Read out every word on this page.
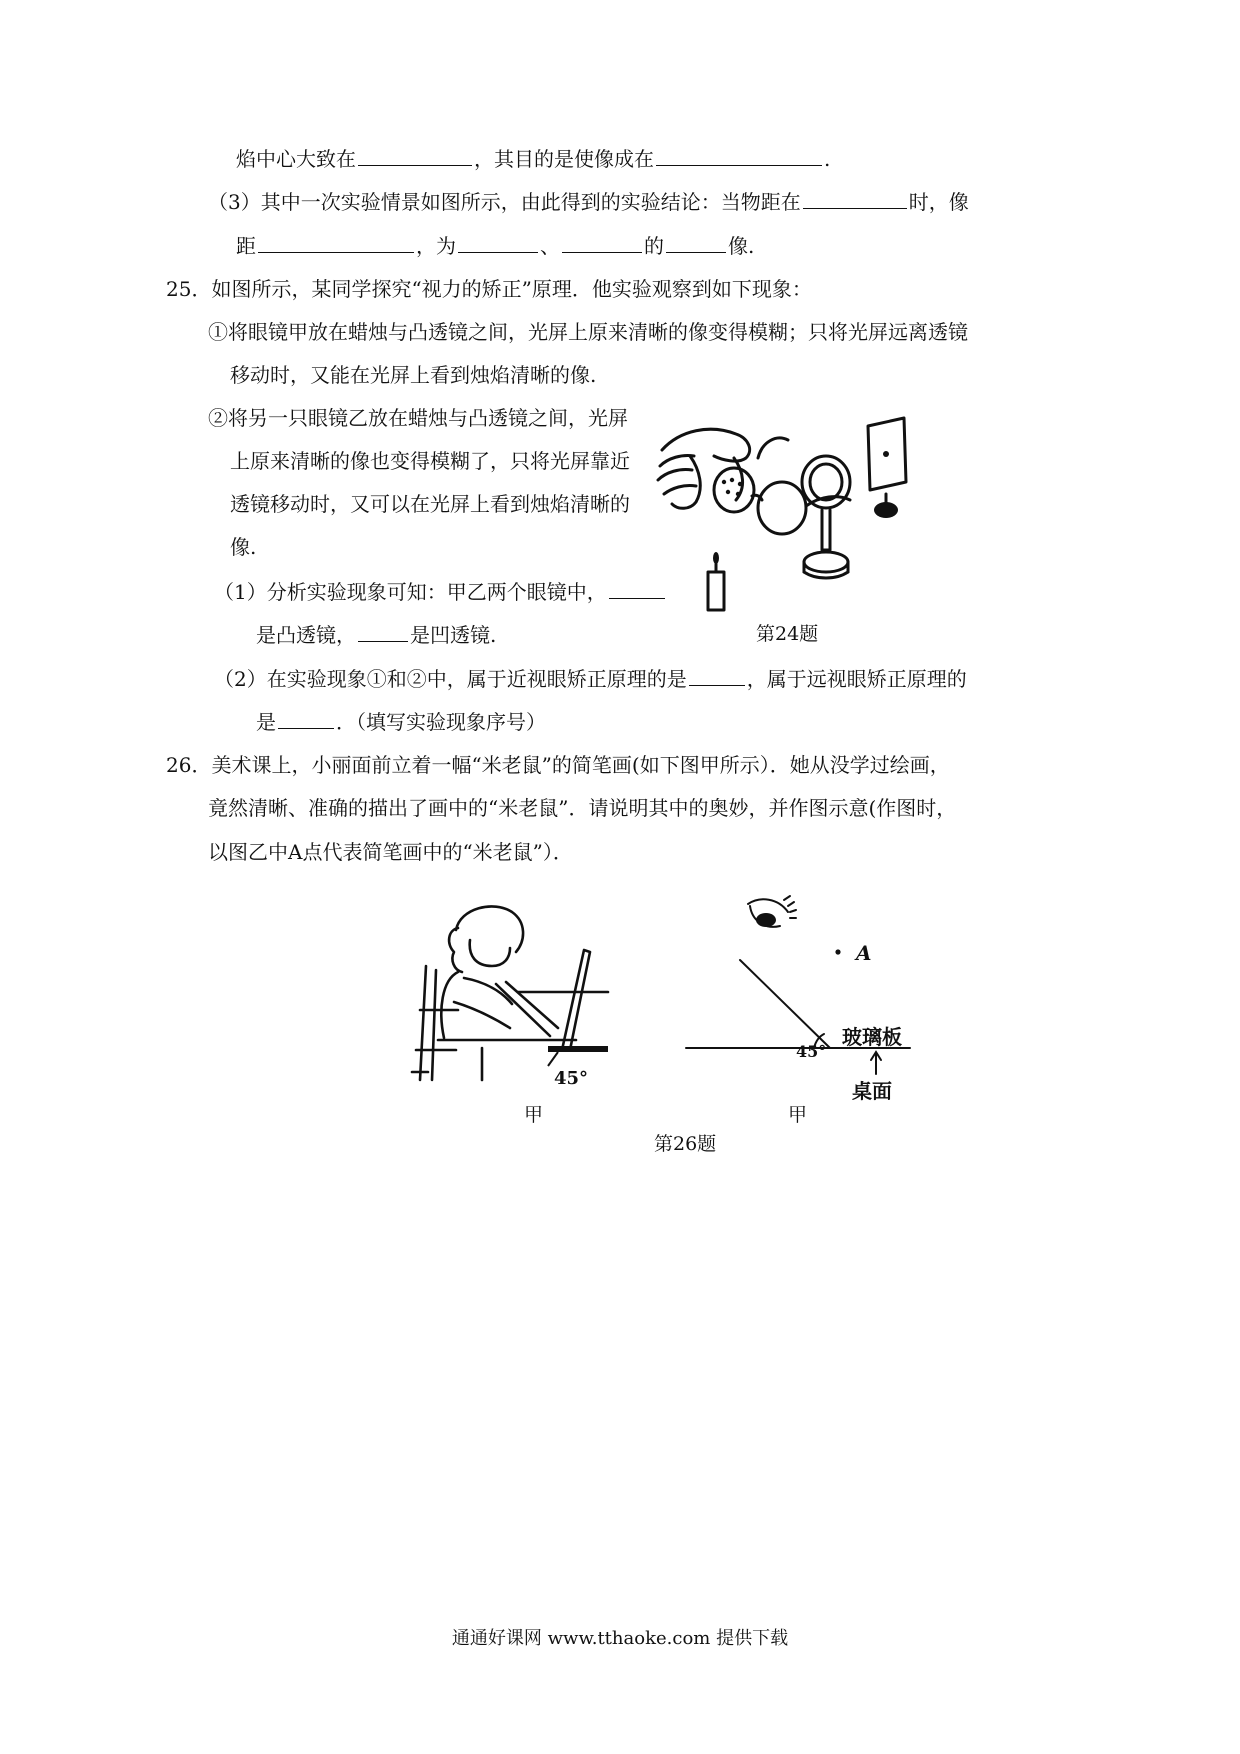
焰中心大致在	，其目的是使像成在	.
（3）其中一次实验情景如图所示，由此得到的实验结论：当物距在	时，像
距	，为	、	的	像.
25．如图所示，某同学探究“视力的矫正”原理．他实验观察到如下现象：
①将眼镜甲放在蜡烛与凸透镜之间，光屏上原来清晰的像变得模糊；只将光屏远离透镜
移动时，又能在光屏上看到烛焰清晰的像.
②将另一只眼镜乙放在蜡烛与凸透镜之间，光屏
上原来清晰的像也变得模糊了，只将光屏靠近
透镜移动时，又可以在光屏上看到烛焰清晰的
像.
（1）分析实验现象可知：甲乙两个眼镜中，
是凸透镜，	是凹透镜.	第24题
（2）在实验现象①和②中，属于近视眼矫正原理的是	，属于远视眼矫正原理的
是	．（填写实验现象序号）
26．美术课上，小丽面前立着一幅“米老鼠”的简笔画(如下图甲所示）．她从没学过绘画，
竟然清晰、准确的描出了画中的“米老鼠”．请说明其中的奥妙，并作图示意(作图时，
以图乙中A点代表简笔画中的“米老鼠”）．
45°
甲
A
45°
玻璃板
桌面
甲
第26题
通通好课网 www.tthaoke.com 提供下载
